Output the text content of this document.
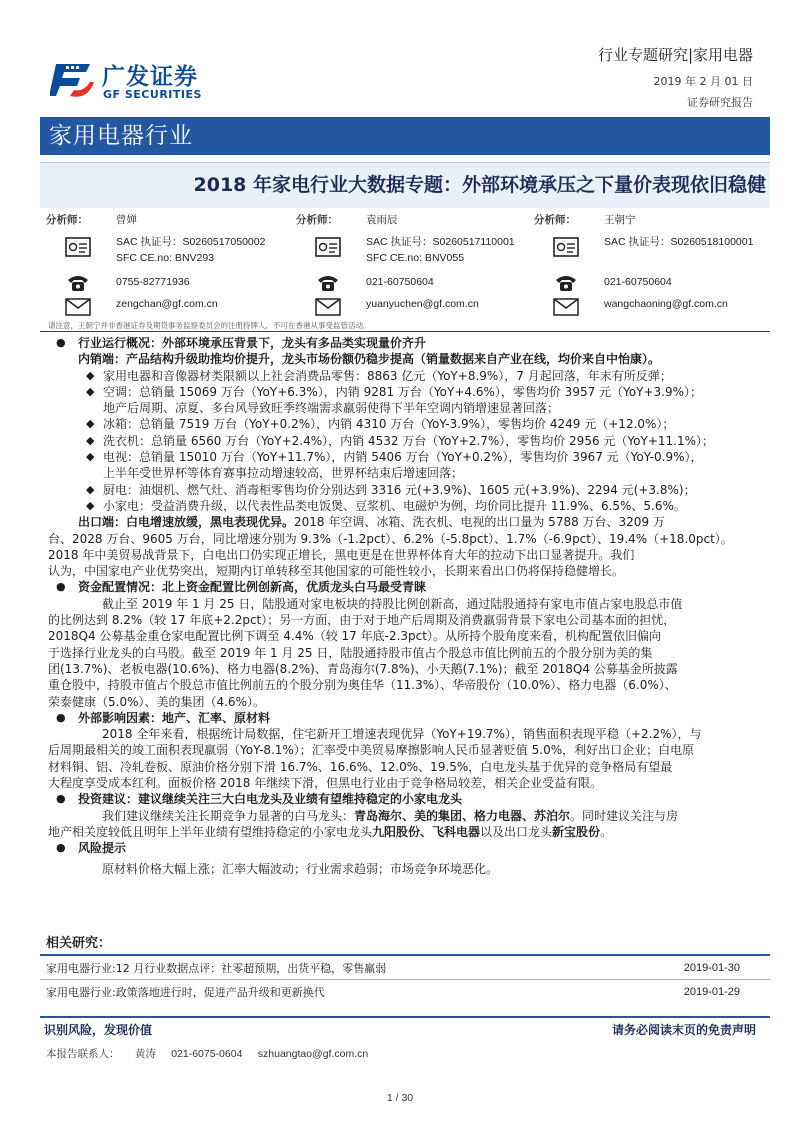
广发证券
GF SECURITIES
行业专题研究|家用电器
2019 年 2 月 01 日
证券研究报告
家用电器行业
2018 年家电行业大数据专题：外部环境承压之下量价表现依旧稳健
分析师：	曾婵
SAC 执证号：S0260517050002
SFC CE.no: BNV293
0755-82771936
zengchan@gf.com.cn
分析师：	袁雨辰
SAC 执证号：S0260517110001
SFC CE.no: BNV055
021-60750604
yuanyuchen@gf.com.cn
分析师：	王朝宁
SAC 执证号：S0260518100001
021-60750604
wangchaoning@gf.com.cn
请注意，王朝宁并非香港证券及期货事务监察委员会的注册持牌人，不可在香港从事受监管活动。
● 行业运行概况：外部环境承压背景下，龙头有多品类实现量价齐升
内销端：产品结构升级助推均价提升，龙头市场份额仍稳步提高（销量数据来自产业在线，均价来自中怡康）。
◆ 家用电器和音像器材类限额以上社会消费品零售：8863 亿元（YoY+8.9%），7 月起回落，年末有所反弹；
◆ 空调：总销量 15069 万台（YoY+6.3%），内销 9281 万台（YoY+4.6%），零售均价 3957 元（YoY+3.9%）；
地产后周期、凉夏、多台风导致旺季终端需求羸弱使得下半年空调内销增速显著回落；
◆ 冰箱：总销量 7519 万台（YoY+0.2%），内销 4310 万台（YoY-3.9%），零售均价 4249 元（+12.0%）；
◆ 洗衣机：总销量 6560 万台（YoY+2.4%），内销 4532 万台（YoY+2.7%），零售均价 2956 元（YoY+11.1%）；
◆ 电视：总销量 15010 万台（YoY+11.7%），内销 5406 万台（YoY+0.2%），零售均价 3967 元（YoY-0.9%），
上半年受世界杯等体育赛事拉动增速较高，世界杯结束后增速回落；
◆ 厨电：油烟机、燃气灶、消毒柜零售均价分别达到 3316 元(+3.9%)、1605 元(+3.9%)、2294 元(+3.8%)；
◆ 小家电：受益消费升级，以代表性品类电饭煲、豆浆机、电磁炉为例，均价同比提升 11.9%、6.5%、5.6%。
出口端：白电增速放缓，黑电表现优异。2018 年空调、冰箱、洗衣机、电视的出口量为 5788 万台、3209 万
台、2028 万台、9605 万台，同比增速分别为 9.3%（-1.2pct）、6.2%（-5.8pct）、1.7%（-6.9pct）、19.4%（+18.0pct）。
2018 年中美贸易战背景下，白电出口仍实现正增长，黑电更是在世界杯体育大年的拉动下出口显著提升。我们
认为，中国家电产业优势突出，短期内订单转移至其他国家的可能性较小，长期来看出口仍将保持稳健增长。
● 资金配置情况：北上资金配置比例创新高，优质龙头白马最受青睐
截止至 2019 年 1 月 25 日，陆股通对家电板块的持股比例创新高，通过陆股通持有家电市值占家电股总市值
的比例达到 8.2%（较 17 年底+2.2pct）；另一方面，由于对于地产后周期及消费羸弱背景下家电公司基本面的担忧，
2018Q4 公募基金重仓家电配置比例下调至 4.4%（较 17 年底-2.3pct）。从所持个股角度来看，机构配置依旧偏向
于选择行业龙头的白马股。截至 2019 年 1 月 25 日，陆股通持股市值占个股总市值比例前五的个股分别为美的集
团(13.7%)、老板电器(10.6%)、格力电器(8.2%)、青岛海尔(7.8%)、小天鹅(7.1%)；截至 2018Q4 公募基金所披露
重仓股中，持股市值占个股总市值比例前五的个股分别为奥佳华（11.3%）、华帝股份（10.0%）、格力电器（6.0%）、
荣泰健康（5.0%）、美的集团（4.6%）。
● 外部影响因素：地产、汇率、原材料
2018 全年来看，根据统计局数据，住宅新开工增速表现优异（YoY+19.7%），销售面积表现平稳（+2.2%），与
后周期最相关的竣工面积表现羸弱（YoY-8.1%）；汇率受中美贸易摩擦影响人民币显著贬值 5.0%，利好出口企业；白电原
材料铜、铝、冷轧卷板、原油价格分别下滑 16.7%、16.6%、12.0%、19.5%，白电龙头基于优异的竞争格局有望最
大程度享受成本红利。面板价格 2018 年继续下滑，但黑电行业由于竞争格局较差，相关企业受益有限。
● 投资建议：建议继续关注三大白电龙头及业绩有望维持稳定的小家电龙头
我们建议继续关注长期竞争力显著的白马龙头：青岛海尔、美的集团、格力电器、苏泊尔。同时建议关注与房
地产相关度较低且明年上半年业绩有望维持稳定的小家电龙头九阳股份、飞科电器以及出口龙头新宝股份。
● 风险提示
原材料价格大幅上涨；汇率大幅波动；行业需求趋弱；市场竞争环境恶化。
相关研究：
家用电器行业:12 月行业数据点评：社零超预期，出货平稳，零售羸弱	2019-01-30
家用电器行业:政策落地进行时，促进产品升级和更新换代	2019-01-29
识别风险，发现价值	请务必阅读末页的免责声明
本报告联系人： 黄涛 021-6075-0604 szhuangtao@gf.com.cn
1 / 30
